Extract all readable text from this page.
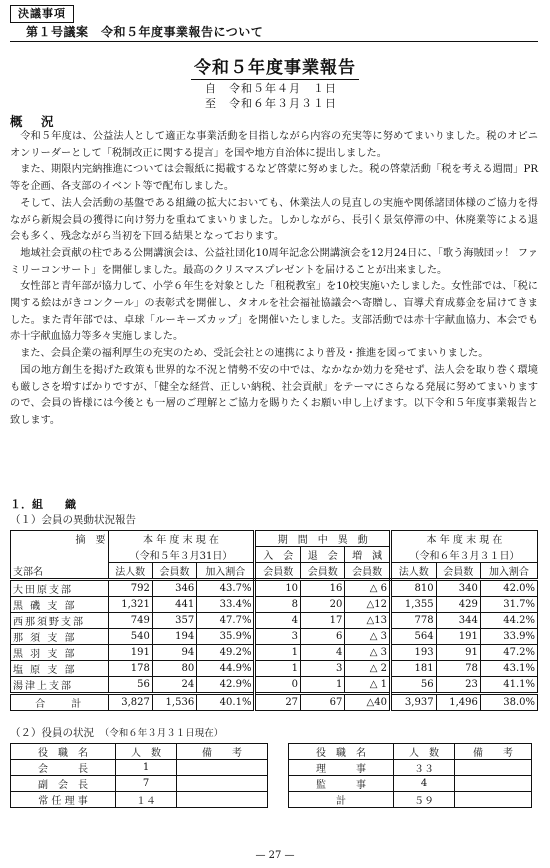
決議事項
第１号議案　令和５年度事業報告について
令和５年度事業報告
自　令和５年４月　１日
至　令和６年３月３１日
概　況

令和５年度は、公益法人として適正な事業活動を目指しながら内容の充実等に努めてまいりました。税のオピニオンリーダーとして「税制改正に関する提言」を国や地方自治体に提出しました。

また、期限内完納推進については会報紙に掲載するなど啓蒙に努めました。税の啓蒙活動「税を考える週間」PR等を企画、各支部のイベント等で配布しました。

そして、法人会活動の基盤である組織の拡大においても、休業法人の見直しの実施や関係諸団体様のご協力を得ながら新規会員の獲得に向け努力を重ねてまいりました。しかしながら、長引く景気停滞の中、休廃業等による退会も多く、残念ながら当初を下回る結果となっております。

地域社会貢献の柱である公開講演会は、公益社団化10周年記念公開講演会を12月24日に、「歌う海賊団ッ！ ファミリーコンサート」を開催しました。最高のクリスマスプレゼントを届けることが出来ました。

女性部と青年部が協力して、小学６年生を対象とした「租税教室」を10校実施いたしました。女性部では、「税に関する絵はがきコンクール」の表彰式を開催し、タオルを社会福祉協議会へ寄贈し、盲導犬育成募金を届けてきました。また青年部では、卓球「ルーキーズカップ」を開催いたしました。支部活動では赤十字献血協力、本会でも赤十字献血協力等多々実施しました。

また、会員企業の福利厚生の充実のため、受託会社との連携により普及・推進を図ってまいりました。

国の地方創生を掲げた政策も世界的な不況と情勢不安の中では、なかなか効力を発せず、法人会を取り巻く環境も厳しさを増すばかりですが、「健全な経営、正しい納税、社会貢献」をテーマにさらなる発展に努めてまいりますので、会員の皆様には今後とも一層のご理解とご協力を賜りたくお願い申し上げます。以下令和５年度事業報告と致します。

１．組　　織
（１）会員の異動状況報告
摘　要	本 年 度 末 現 在			期　間　中　異　動			本 年 度 末 現 在		
	（令和５年３月31日）			入　会	退　会	増　減	（令和６年３月３１日）		
支部名	法人数	会員数	加入割合	会員数	会員数	会員数	法人数	会員数	加入割合
大田原支部	792	346	43.7%	10	16	△ 6	810	340	42.0%
黒 磯 支 部	1,321	441	33.4%	8	20	△12	1,355	429	31.7%
西那須野支部	749	357	47.7%	4	17	△13	778	344	44.2%
那 須 支 部	540	194	35.9%	3	6	△ 3	564	191	33.9%
黒 羽 支 部	191	94	49.2%	1	4	△ 3	193	91	47.2%
塩 原 支 部	178	80	44.9%	1	3	△ 2	181	78	43.1%
湯津上支部	56	24	42.9%	0	1	△ 1	56	23	41.1%
合　　計	3,827	1,536	40.1%	27	67	△40	3,937	1,496	38.0%
（２）役員の状況　 （令和６年３月３１日現在）
役　職　名	人　数	備　　考
会　　　長	1	
副　会　長	7	
常 任 理 事	１４	
役　職　名	人　数	備　　考
理　　　事	３３	
監　　　事	4	
計	５９	
— 27 —
